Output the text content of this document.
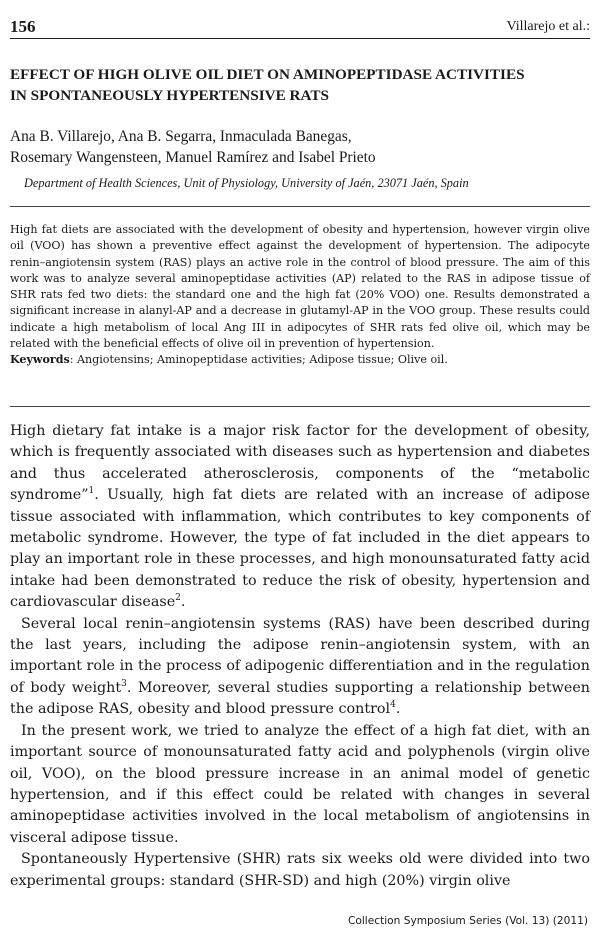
156	Villarejo et al.:
EFFECT OF HIGH OLIVE OIL DIET ON AMINOPEPTIDASE ACTIVITIES
IN SPONTANEOUSLY HYPERTENSIVE RATS
Ana B. Villarejo, Ana B. Segarra, Inmaculada Banegas,
Rosemary Wangensteen, Manuel Ramírez and Isabel Prieto
Department of Health Sciences, Unit of Physiology, University of Jaén, 23071 Jaén, Spain

High fat diets are associated with the development of obesity and hypertension, however virgin olive oil (VOO) has shown a preventive effect against the development of hypertension. The adipocyte renin–angiotensin system (RAS) plays an active role in the control of blood pressure. The aim of this work was to analyze several aminopeptidase activities (AP) related to the RAS in adipose tissue of SHR rats fed two diets: the standard one and the high fat (20% VOO) one. Results demonstrated a significant increase in alanyl-AP and a decrease in glutamyl-AP in the VOO group. These results could indicate a high metabolism of local Ang III in adipocytes of SHR rats fed olive oil, which may be related with the beneficial effects of olive oil in prevention of hypertension.

Keywords: Angiotensins; Aminopeptidase activities; Adipose tissue; Olive oil.

High dietary fat intake is a major risk factor for the development of obesity, which is frequently associated with diseases such as hypertension and diabetes and thus accelerated atherosclerosis, components of the “metabolic syndrome”$^1$. Usually, high fat diets are related with an increase of adipose tissue associated with inflammation, which contributes to key components of metabolic syndrome. However, the type of fat included in the diet appears to play an important role in these processes, and high monounsaturated fatty acid intake had been demonstrated to reduce the risk of obesity, hypertension and cardiovascular disease$^2$.

Several local renin–angiotensin systems (RAS) have been described during the last years, including the adipose renin–angiotensin system, with an important role in the process of adipogenic differentiation and in the regulation of body weight$^3$. Moreover, several studies supporting a relationship between the adipose RAS, obesity and blood pressure control$^4$.

In the present work, we tried to analyze the effect of a high fat diet, with an important source of monounsaturated fatty acid and polyphenols (virgin olive oil, VOO), on the blood pressure increase in an animal model of genetic hypertension, and if this effect could be related with changes in several aminopeptidase activities involved in the local metabolism of angiotensins in visceral adipose tissue.

Spontaneously Hypertensive (SHR) rats six weeks old were divided into two experimental groups: standard (SHR-SD) and high (20%) virgin olive

Collection Symposium Series (Vol. 13) (2011)
